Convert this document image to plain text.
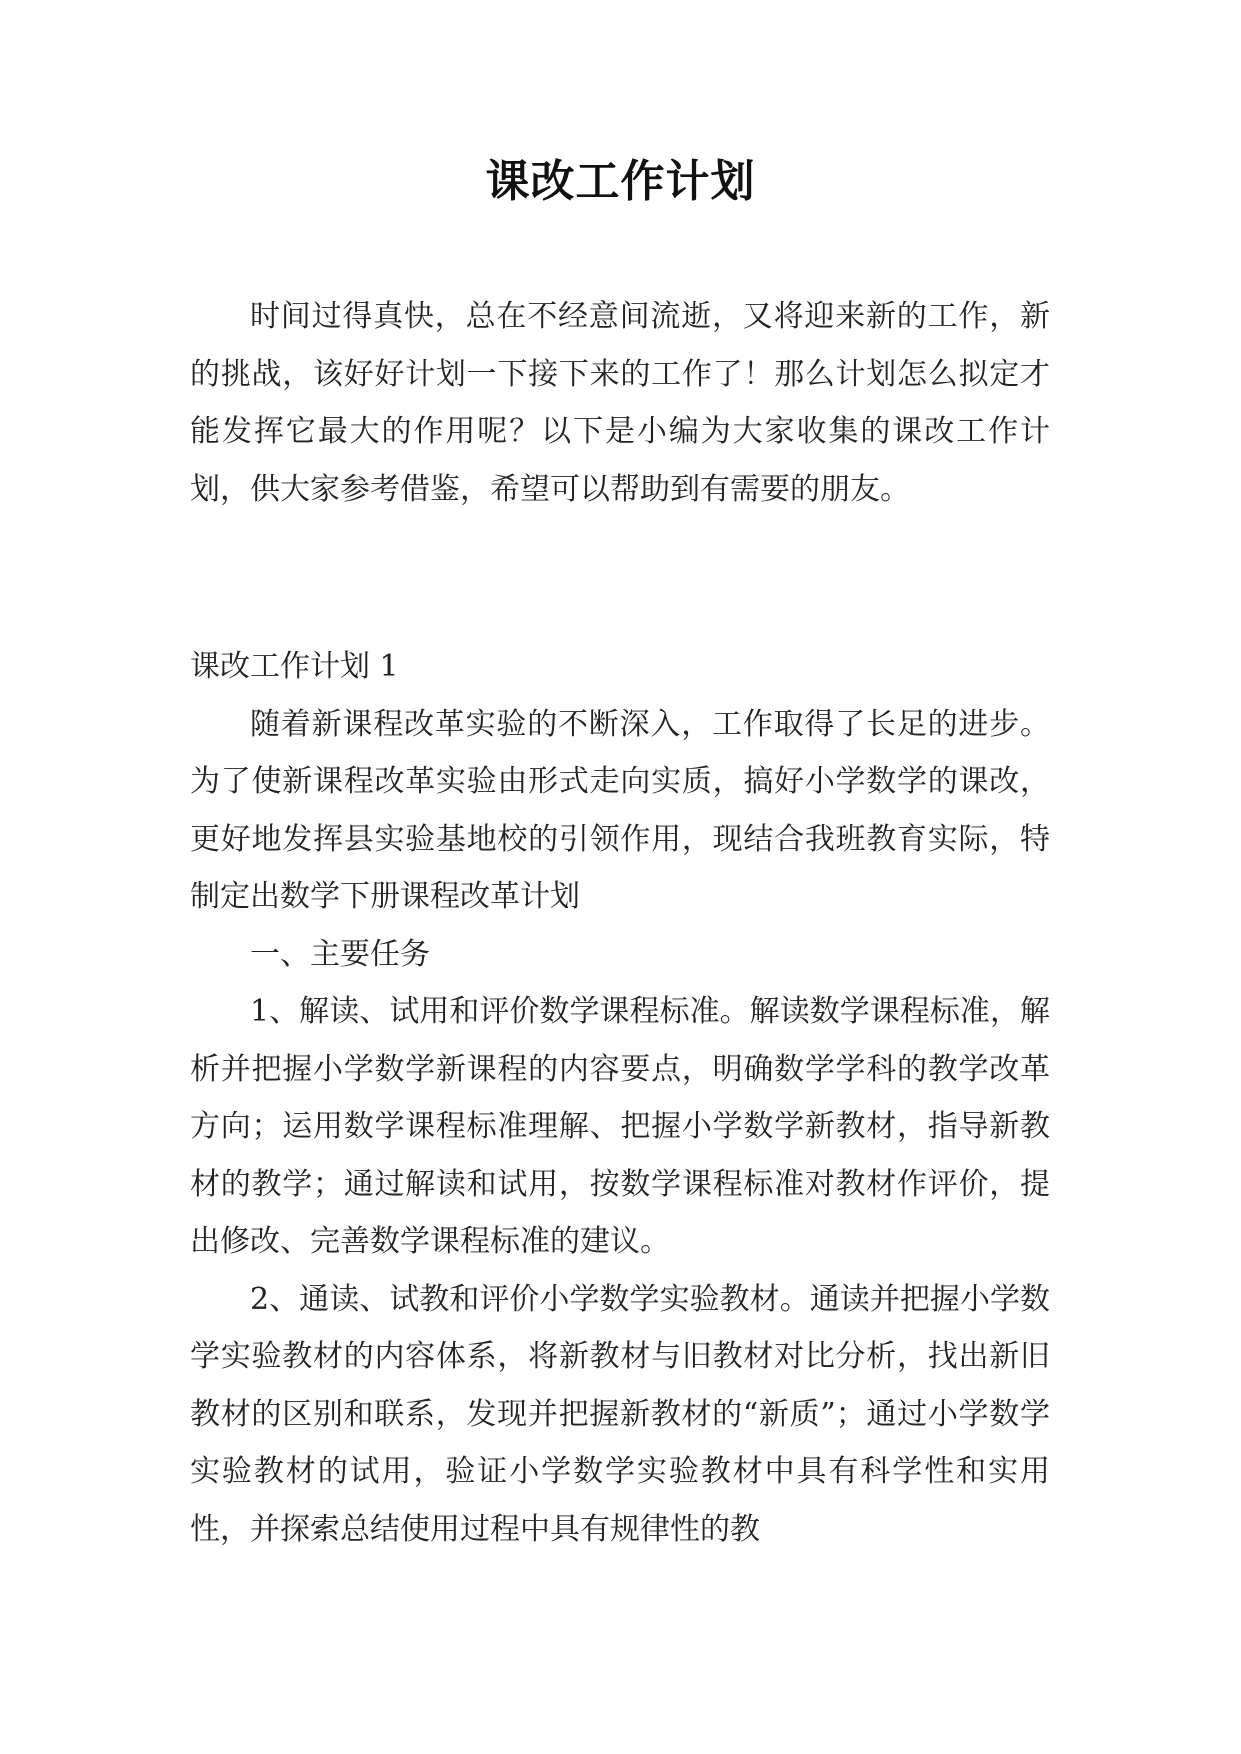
课改工作计划

时间过得真快，总在不经意间流逝，又将迎来新的工作，新的挑战，该好好计划一下接下来的工作了！那么计划怎么拟定才能发挥它最大的作用呢？以下是小编为大家收集的课改工作计划，供大家参考借鉴，希望可以帮助到有需要的朋友。

课改工作计划 1

随着新课程改革实验的不断深入，工作取得了长足的进步。为了使新课程改革实验由形式走向实质，搞好小学数学的课改，更好地发挥县实验基地校的引领作用，现结合我班教育实际，特制定出数学下册课程改革计划

一、主要任务

1、解读、试用和评价数学课程标准。解读数学课程标准，解析并把握小学数学新课程的内容要点，明确数学学科的教学改革方向；运用数学课程标准理解、把握小学数学新教材，指导新教材的教学；通过解读和试用，按数学课程标准对教材作评价，提出修改、完善数学课程标准的建议。

2、通读、试教和评价小学数学实验教材。通读并把握小学数学实验教材的内容体系，将新教材与旧教材对比分析，找出新旧教材的区别和联系，发现并把握新教材的“新质”；通过小学数学实验教材的试用，验证小学数学实验教材中具有科学性和实用性，并探索总结使用过程中具有规律性的教
